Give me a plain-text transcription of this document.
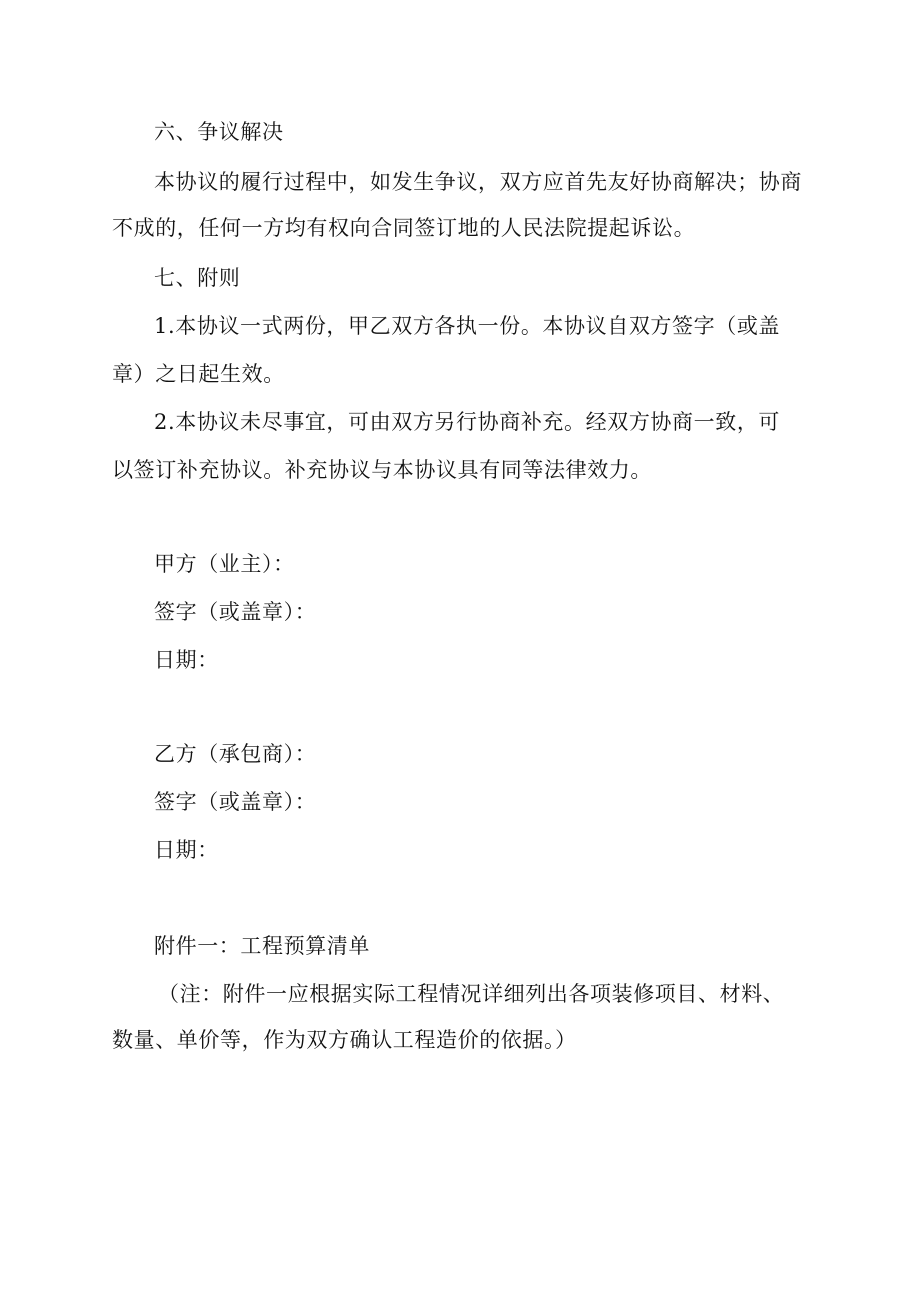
六、争议解决
本协议的履行过程中，如发生争议，双方应首先友好协商解决；协商
不成的，任何一方均有权向合同签订地的人民法院提起诉讼。
七、附则
1.本协议一式两份，甲乙双方各执一份。本协议自双方签字（或盖
章）之日起生效。
2.本协议未尽事宜，可由双方另行协商补充。经双方协商一致，可
以签订补充协议。补充协议与本协议具有同等法律效力。
甲方（业主）：
签字（或盖章）：
日期：
乙方（承包商）：
签字（或盖章）：
日期：
附件一：工程预算清单
（注：附件一应根据实际工程情况详细列出各项装修项目、材料、
数量、单价等，作为双方确认工程造价的依据。）
